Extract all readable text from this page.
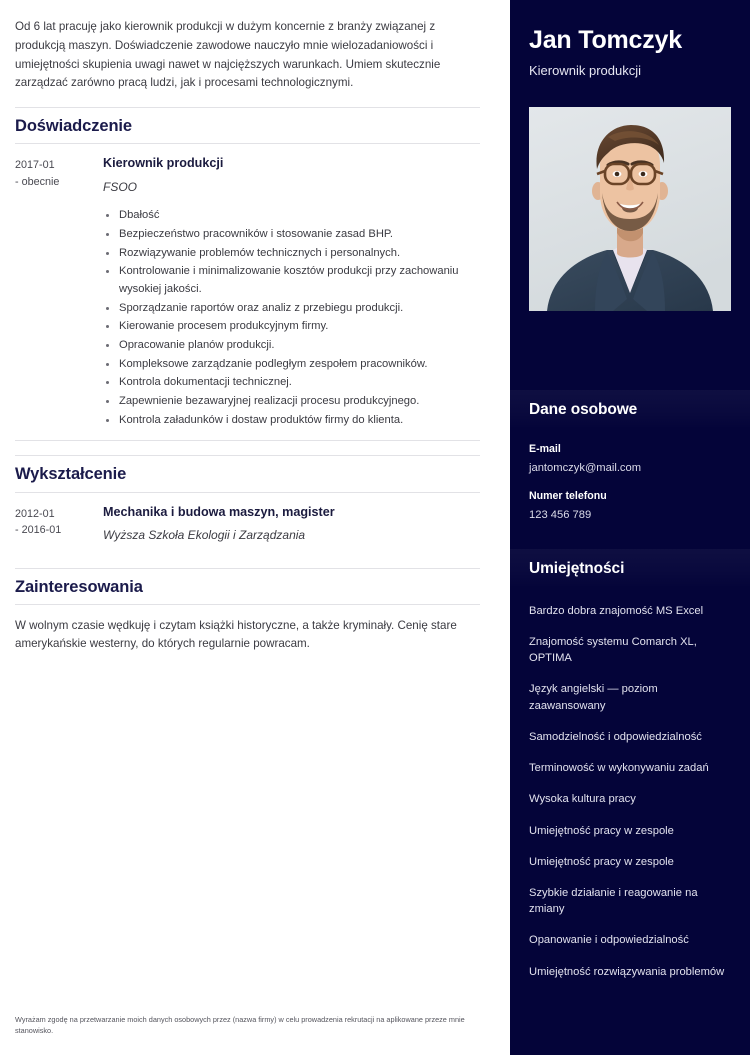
Od 6 lat pracuję jako kierownik produkcji w dużym koncernie z branży związanej z produkcją maszyn. Doświadczenie zawodowe nauczyło mnie wielozadaniowości i umiejętności skupienia uwagi nawet w najcięższych warunkach. Umiem skutecznie zarządzać zarówno pracą ludzi, jak i procesami technologicznymi.

Doświadczenie
2017-01
- obecnie
Kierownik produkcji
FSOO
Dbałość
Bezpieczeństwo pracowników i stosowanie zasad BHP.
Rozwiązywanie problemów technicznych i personalnych.
Kontrolowanie i minimalizowanie kosztów produkcji przy zachowaniu wysokiej jakości.
Sporządzanie raportów oraz analiz z przebiegu produkcji.
Kierowanie procesem produkcyjnym firmy.
Opracowanie planów produkcji.
Kompleksowe zarządzanie podległym zespołem pracowników.
Kontrola dokumentacji technicznej.
Zapewnienie bezawaryjnej realizacji procesu produkcyjnego.
Kontrola załadunków i dostaw produktów firmy do klienta.
Wykształcenie
2012-01
- 2016-01
Mechanika i budowa maszyn, magister
Wyższa Szkoła Ekologii i Zarządzania
Zainteresowania

W wolnym czasie wędkuję i czytam książki historyczne, a także kryminały. Cenię stare amerykańskie westerny, do których regularnie powracam.

Wyrażam zgodę na przetwarzanie moich danych osobowych przez (nazwa firmy) w celu prowadzenia rekrutacji na aplikowane przeze mnie stanowisko.

Jan Tomczyk
Kierownik produkcji
Dane osobowe
E-mail
jantomczyk@mail.com
Numer telefonu
123 456 789
Umiejętności
Bardzo dobra znajomość MS Excel
Znajomość systemu Comarch XL, OPTIMA
Język angielski — poziom zaawansowany
Samodzielność i odpowiedzialność
Terminowość w wykonywaniu zadań
Wysoka kultura pracy
Umiejętność pracy w zespole
Umiejętność pracy w zespole
Szybkie działanie i reagowanie na zmiany
Opanowanie i odpowiedzialność
Umiejętność rozwiązywania problemów
